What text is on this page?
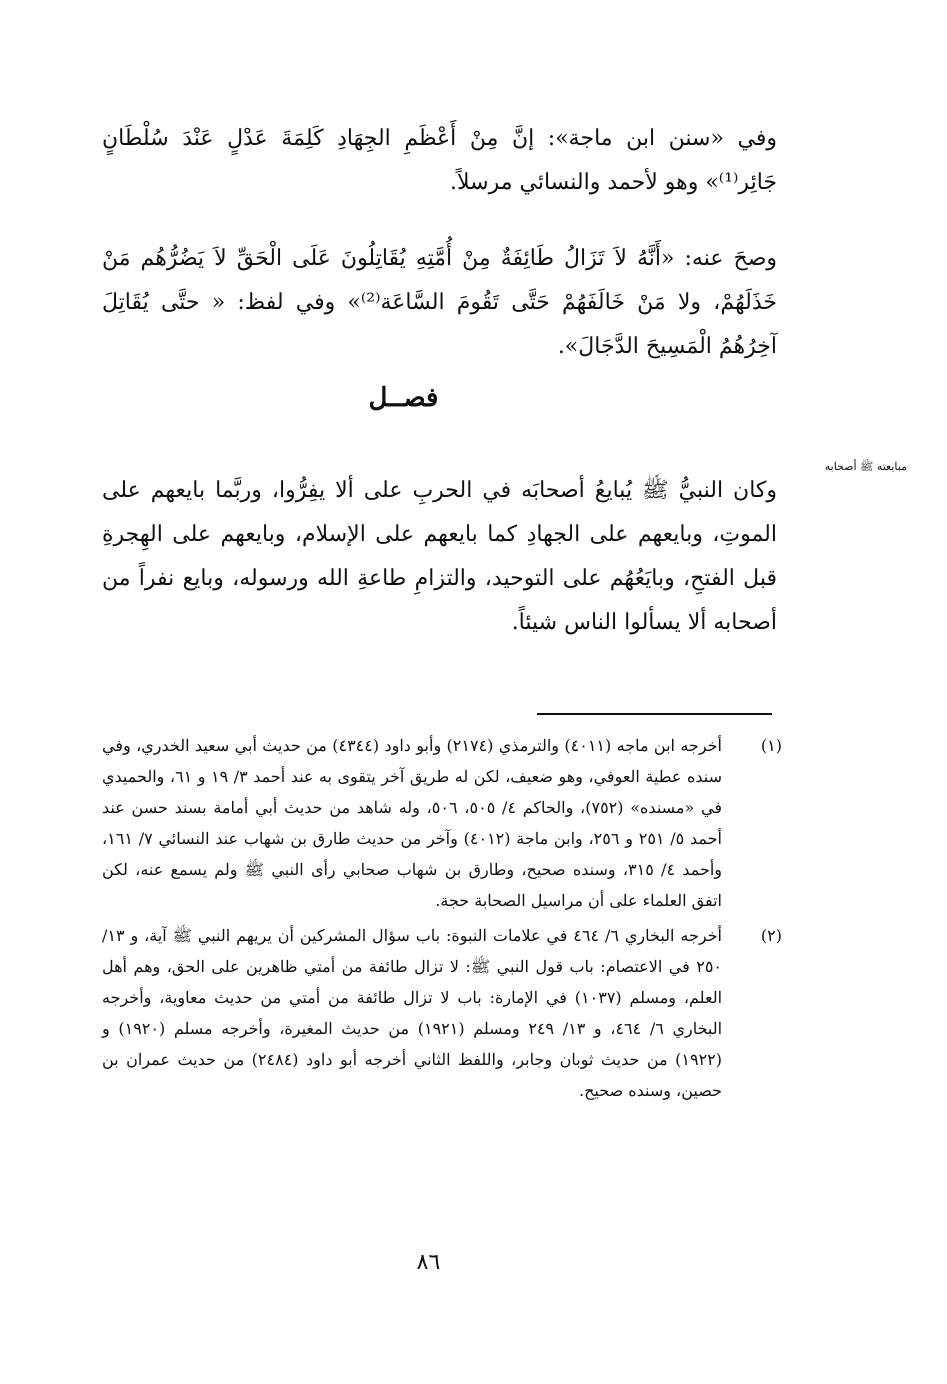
وفي «سنن ابن ماجة»: إنَّ مِنْ أَعْظَمِ الجِهَادِ كَلِمَةَ عَدْلٍ عَنْدَ سُلْطَانٍ جَائِر⁽¹⁾» وهو لأحمد والنسائي مرسلاً.

وصحَ عنه: «أَنَّهُ لاَ تَزَالُ طَائِفَةٌ مِنْ أُمَّتِهِ يُقَاتِلُونَ عَلَى الْحَقِّ لاَ يَضُرُّهُم مَنْ خَذَلَهُمْ، ولا مَنْ خَالَفَهُمْ حَتَّى تَقُومَ السَّاعَة⁽²⁾» وفي لفظ: « حتَّى يُقَاتِلَ آخِرُهُمُ الْمَسِيحَ الدَّجَالَ».

فصــل
مبايعته ﷺ أصحابه

وكان النبيُّ ﷺ يُبايعُ أصحابَه في الحربِ على ألا يفِرُّوا، وربَّما بايعهم على الموتِ، وبايعهم على الجهادِ كما بايعهم على الإسلام، وبايعهم على الهِجرةِ قبل الفتحِ، وبايَعُهُم على التوحيد، والتزامِ طاعةِ الله ورسوله، وبايع نفراً من أصحابه ألا يسألوا الناس شيئاً.

(١)
أخرجه ابن ماجه (٤٠١١) والترمذي (٢١٧٤) وأبو داود (٤٣٤٤) من حديث أبي سعيد الخدري، وفي سنده عطية العوفي، وهو ضعيف، لكن له طريق آخر يتقوى به عند أحمد ٣/ ١٩ و ٦١، والحميدي في «مسنده» (٧٥٢)، والحاكم ٤/ ٥٠٥، ٥٠٦، وله شاهد من حديث أبي أمامة بسند حسن عند أحمد ٥/ ٢٥١ و ٢٥٦، وابن ماجة (٤٠١٢) وآخر من حديث طارق بن شهاب عند النسائي ٧/ ١٦١، وأحمد ٤/ ٣١٥، وسنده صحيح، وطارق بن شهاب صحابي رأى النبي ﷺ ولم يسمع عنه، لكن اتفق العلماء على أن مراسيل الصحابة حجة.
(٢)
أخرجه البخاري ٦/ ٤٦٤ في علامات النبوة: باب سؤال المشركين أن يريهم النبي ﷺ آية، و ١٣/ ٢٥٠ في الاعتصام: باب قول النبي ﷺ: لا تزال طائفة من أمتي ظاهرين على الحق، وهم أهل العلم، ومسلم (١٠٣٧) في الإمارة: باب لا تزال طائفة من أمتي من حديث معاوية، وأخرجه البخاري ٦/ ٤٦٤، و ١٣/ ٢٤٩ ومسلم (١٩٢١) من حديث المغيرة، وأخرجه مسلم (١٩٢٠) و (١٩٢٢) من حديث ثوبان وجابر، واللفظ الثاني أخرجه أبو داود (٢٤٨٤) من حديث عمران بن حصين، وسنده صحيح.
٨٦
